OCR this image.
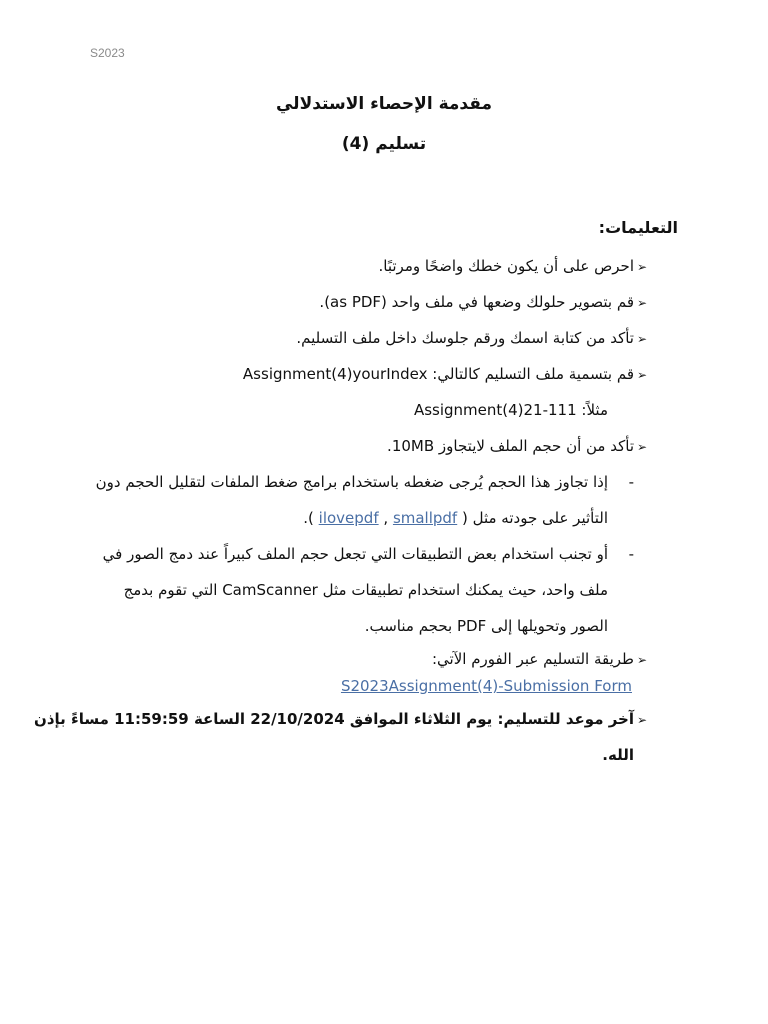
S2023
مقدمة الإحصاء الاستدلالي
تسليم (4)
التعليمات:
➢
احرص على أن يكون خطك واضحًا ومرتبًا.
➢
قم بتصوير حلولك وضعها في ملف واحد (as PDF).
➢
تأكد من كتابة اسمك ورقم جلوسك داخل ملف التسليم.
➢
قم بتسمية ملف التسليم كالتالي: Assignment(4)yourIndex
مثلاً: Assignment(4)21-111
➢
تأكد من أن حجم الملف لايتجاوز 10MB.
-
إذا تجاوز هذا الحجم يُرجى ضغطه باستخدام برامج ضغط الملفات لتقليل الحجم دون
التأثير على جودته مثل ( ilovepdf , smallpdf ).
-
أو تجنب استخدام بعض التطبيقات التي تجعل حجم الملف كبيراً عند دمج الصور في
ملف واحد، حيث يمكنك استخدام تطبيقات مثل CamScanner التي تقوم بدمج
الصور وتحويلها إلى PDF بحجم مناسب.
➢
طريقة التسليم عبر الفورم الآتي:
S2023Assignment(4)-Submission Form
➢
آخر موعد للتسليم: يوم الثلاثاء الموافق 22/10/2024 الساعة 11:59:59 مساءً بإذن
الله.
